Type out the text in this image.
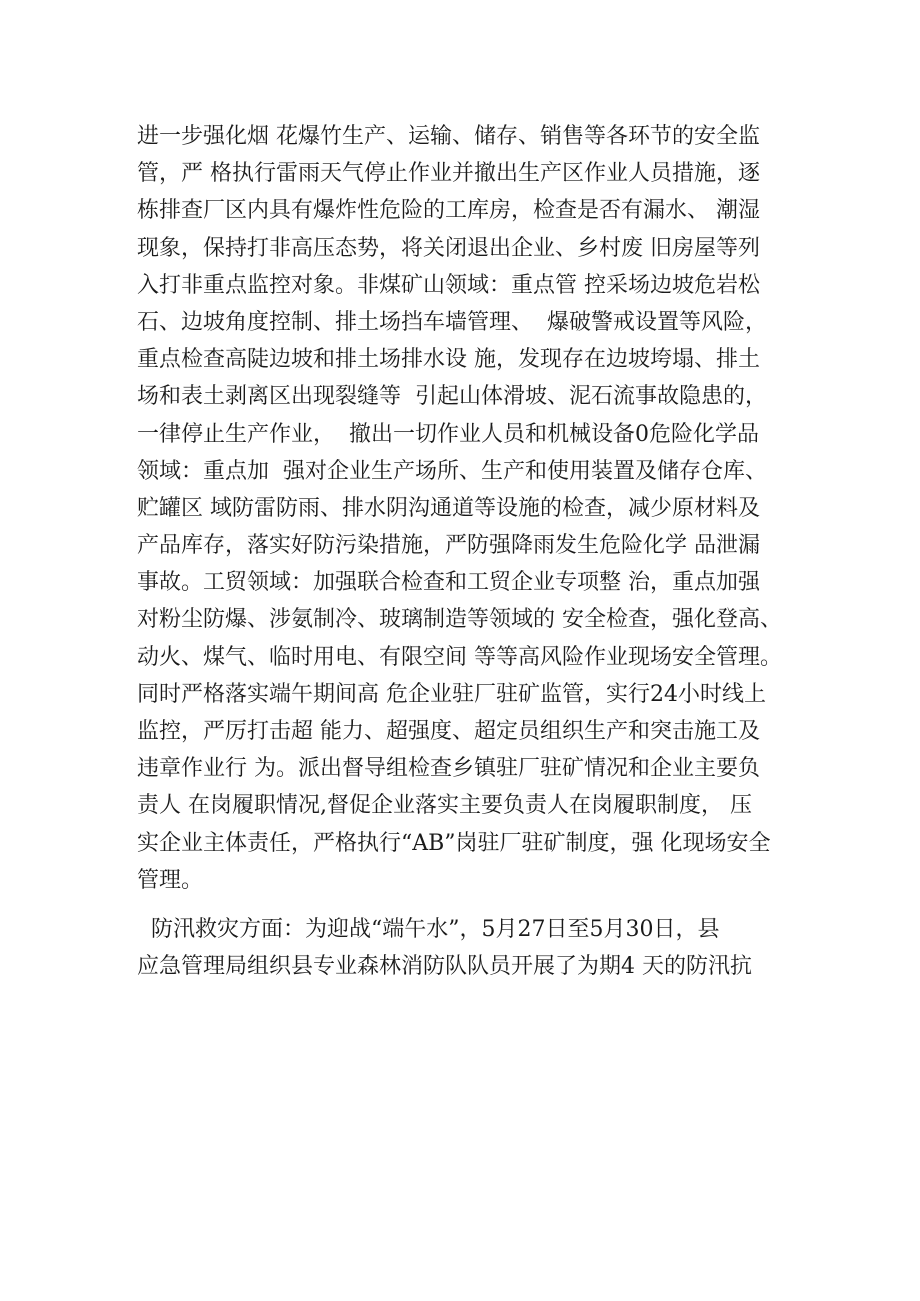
进一步强化烟 花爆竹生产、运输、储存、销售等各环节的安全监
管，严 格执行雷雨天气停止作业并撤出生产区作业人员措施，逐
栋排查厂区内具有爆炸性危险的工库房，检查是否有漏水、 潮湿
现象，保持打非高压态势，将关闭退出企业、乡村废 旧房屋等列
入打非重点监控对象。非煤矿山领域：重点管 控采场边坡危岩松
石、边坡角度控制、排土场挡车墙管理、  爆破警戒设置等风险，
重点检查高陡边坡和排土场排水设 施，发现存在边坡垮塌、排土
场和表土剥离区出现裂缝等  引起山体滑坡、泥石流事故隐患的，
一律停止生产作业，  撤出一切作业人员和机械设备0危险化学品
领域：重点加  强对企业生产场所、生产和使用装置及储存仓库、
贮罐区 域防雷防雨、排水阴沟通道等设施的检查，减少原材料及
产品库存，落实好防污染措施，严防强降雨发生危险化学 品泄漏
事故。工贸领域：加强联合检查和工贸企业专项整 治，重点加强
对粉尘防爆、涉氨制冷、玻璃制造等领域的 安全检查，强化登高、
动火、煤气、临时用电、有限空间 等等高风险作业现场安全管理。
同时严格落实端午期间高 危企业驻厂驻矿监管，实行24小时线上
监控，严厉打击超 能力、超强度、超定员组织生产和突击施工及
违章作业行 为。派出督导组检查乡镇驻厂驻矿情况和企业主要负
责人 在岗履职情况,督促企业落实主要负责人在岗履职制度， 压
实企业主体责任，严格执行“AB”岗驻厂驻矿制度，强 化现场安全
管理。
防汛救灾方面：为迎战“端午水”，5月27日至5月30日，县
应急管理局组织县专业森林消防队队员开展了为期4 天的防汛抗
